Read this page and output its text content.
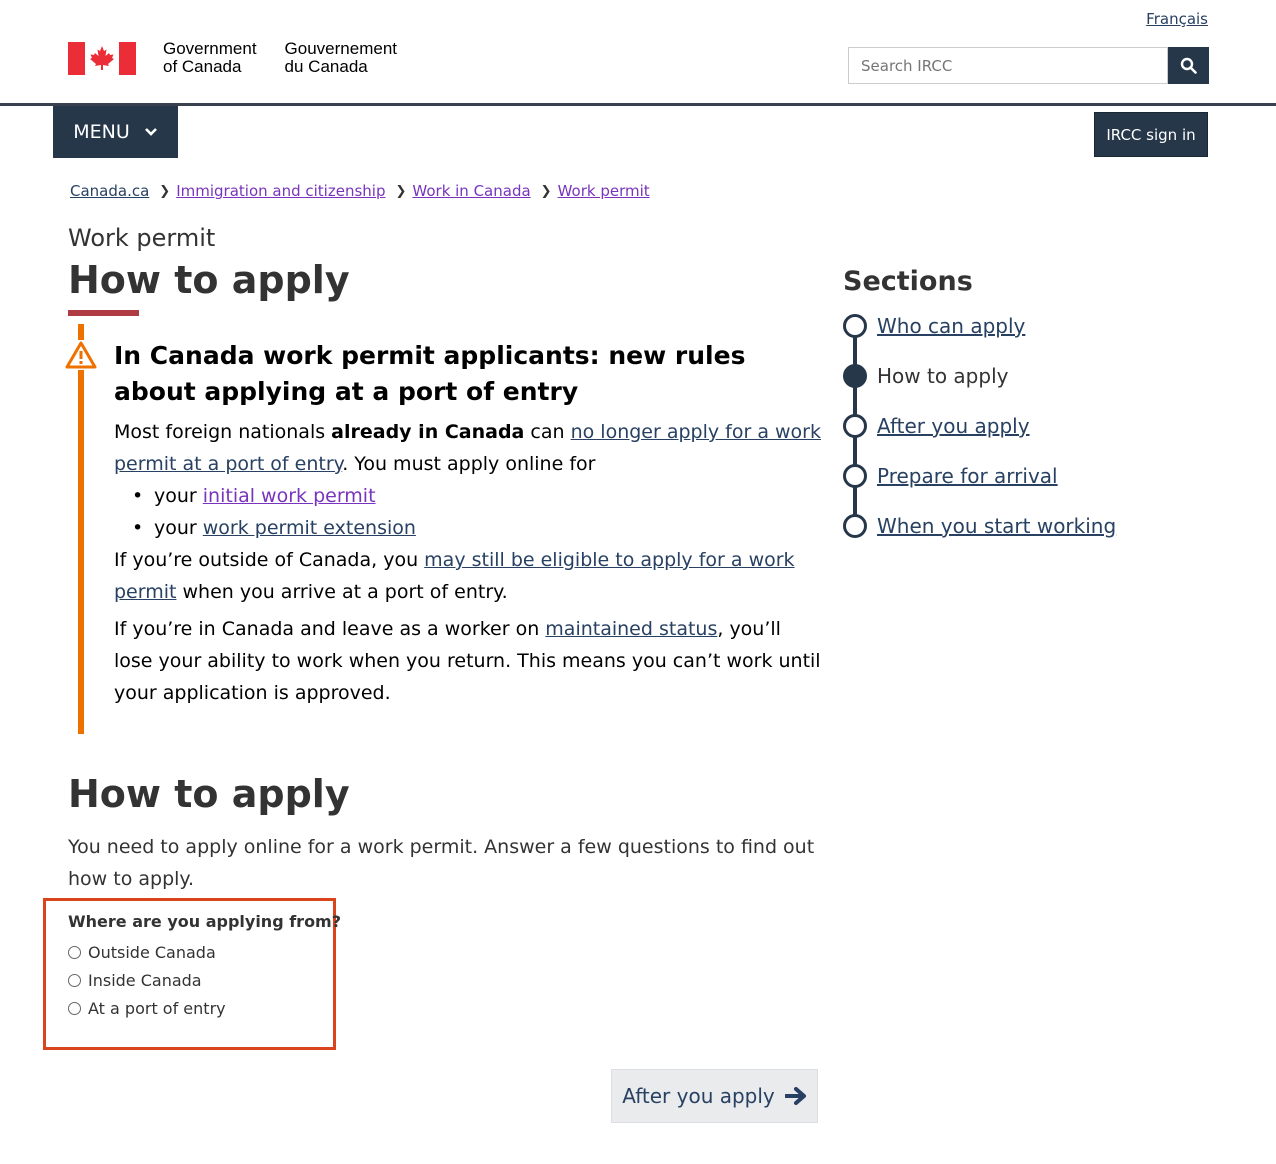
Français
Government
of Canada
Gouvernement
du Canada
Search IRCC
MENU	IRCC sign in
Canada.ca ❯ Immigration and citizenship ❯ Work in Canada ❯ Work permit
Work permit
How to apply
In Canada work permit applicants: new rules about applying at a port of entry

Most foreign nationals already in Canada can no longer apply for a work permit at a port of entry. You must apply online for

• your initial work permit
• your work permit extension

If you’re outside of Canada, you may still be eligible to apply for a work permit when you arrive at a port of entry.

If you’re in Canada and leave as a worker on maintained status, you’ll lose your ability to work when you return. This means you can’t work until your application is approved.

Sections
Who can apply
How to apply
After you apply
Prepare for arrival
When you start working
How to apply

You need to apply online for a work permit. Answer a few questions to find out how to apply.

Where are you applying from?
Outside Canada
Inside Canada
At a port of entry
After you apply
